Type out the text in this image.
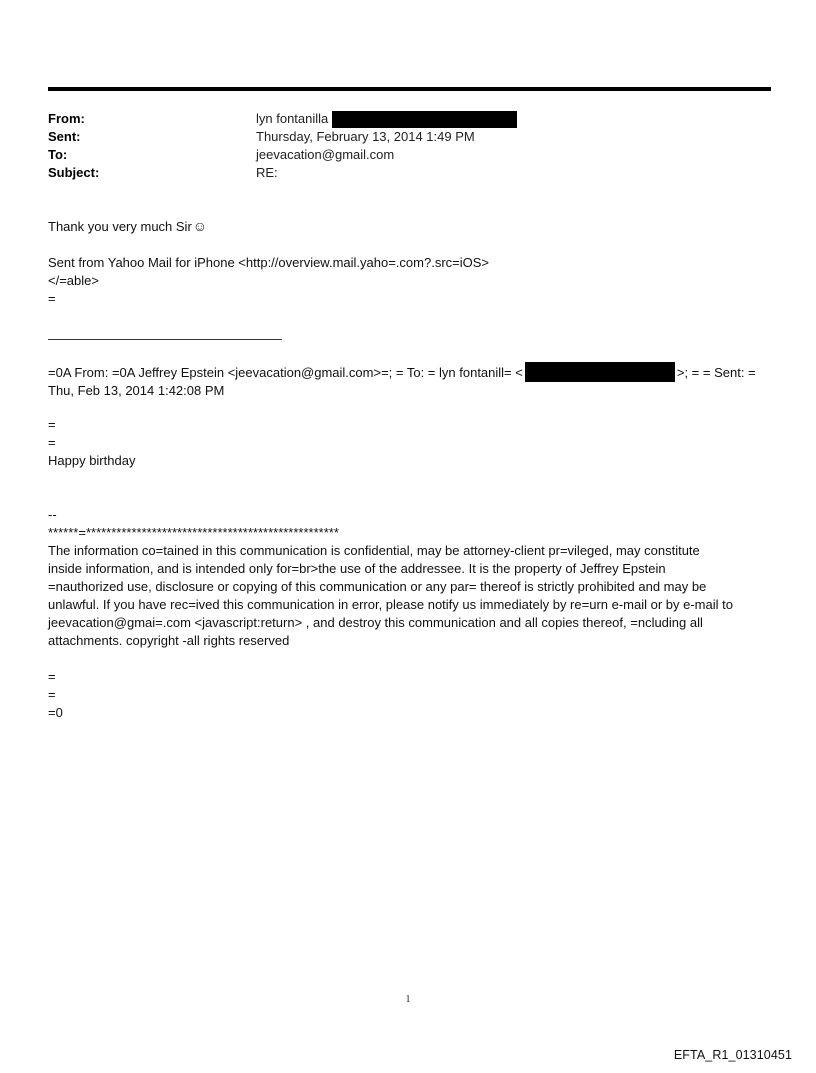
From:	lyn fontanilla
Sent:	Thursday, February 13, 2014 1:49 PM
To:	jeevacation@gmail.com
Subject:	RE:
Thank you very much Sir☺
Sent from Yahoo Mail for iPhone <http://overview.mail.yaho=.com?.src=iOS>
</=able>
=
=0A From: =0A Jeffrey Epstein <jeevacation@gmail.com>=; = To: = lyn fontanill= <	>; = = Sent: =
Thu, Feb 13, 2014 1:42:08 PM
=
=
Happy birthday
--
******=**************************************************
The information co=tained in this communication is confidential, may be attorney-client pr=vileged, may constitute
inside information, and is intended only for=br>the use of the addressee. It is the property of Jeffrey Epstein
=nauthorized use, disclosure or copying of this communication or any par= thereof is strictly prohibited and may be
unlawful. If you have rec=ived this communication in error, please notify us immediately by re=urn e-mail or by e-mail to
jeevacation@gmai=.com <javascript:return> , and destroy this communication and all copies thereof, =ncluding all
attachments. copyright -all rights reserved
=
=
=0
1
EFTA_R1_01310451
